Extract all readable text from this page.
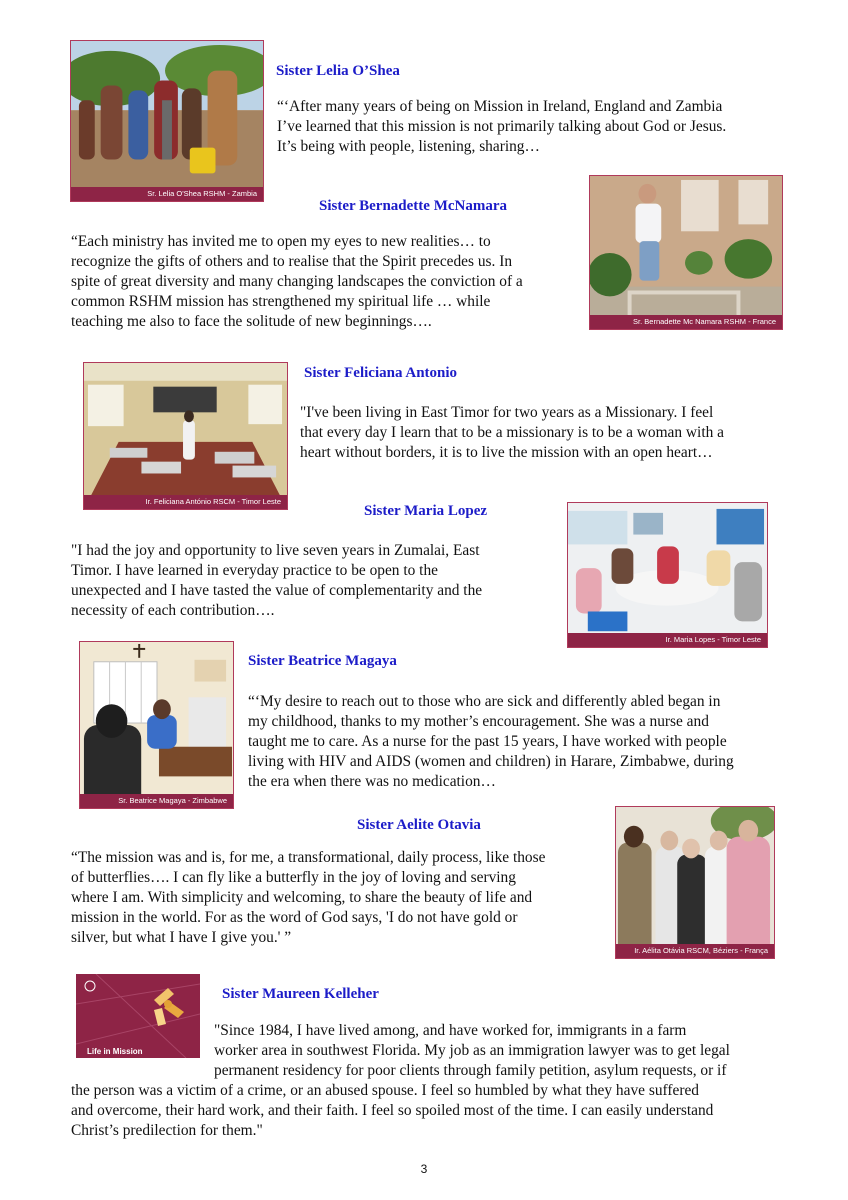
Sr. Lelia O'Shea RSHM - Zambia
Sister Lelia O’Shea

“‘After many years of being on Mission in Ireland, England and Zambia
I’ve learned that this mission is not primarily talking about God or Jesus.
It’s being with people, listening, sharing…

Sister Bernadette McNamara

“Each ministry has invited me to open my eyes to new realities… to
recognize the gifts of others and to realise that the Spirit precedes us. In
spite of great diversity and many changing landscapes the conviction of a
common RSHM mission has strengthened my spiritual life … while
teaching me also to face the solitude of new beginnings….	Sr. Bernadette Mc Namara RSHM - France
Ir. Feliciana António RSCM - Timor Leste
Sister Feliciana Antonio

"I've been living in East Timor for two years as a Missionary. I feel
that every day I learn that to be a missionary is to be a woman with a
heart without borders, it is to live the mission with an open heart…

Sister Maria Lopez

"I had the joy and opportunity to live seven years in Zumalai, East
Timor. I have learned in everyday practice to be open to the
unexpected and I have tasted the value of complementarity and the
necessity of each contribution….

Ir. Maria Lopes - Timor Leste
Sr. Beatrice Magaya - Zimbabwe
Sister Beatrice Magaya

“‘My desire to reach out to those who are sick and differently abled began in
my childhood, thanks to my mother’s encouragement. She was a nurse and
taught me to care. As a nurse for the past 15 years, I have worked with people
living with HIV and AIDS (women and children) in Harare, Zimbabwe, during
the era when there was no medication…

Sister Aelite Otavia

“The mission was and is, for me, a transformational, daily process, like those
of butterflies…. I can fly like a butterfly in the joy of loving and serving
where I am. With simplicity and welcoming, to share the beauty of life and
mission in the world. For as the word of God says, 'I do not have gold or
silver, but what I have I give you.' ”

Ir. Aélita Otávia RSCM, Béziers - França
Life in Mission
Sister Maureen Kelleher

"Since 1984, I have lived among, and have worked for, immigrants in a farm
worker area in southwest Florida. My job as an immigration lawyer was to get legal
permanent residency for poor clients through family petition, asylum requests, or if
the person was a victim of a crime, or an abused spouse. I feel so humbled by what they have suffered
and overcome, their hard work, and their faith. I feel so spoiled most of the time. I can easily understand
Christ’s predilection for them."

3
